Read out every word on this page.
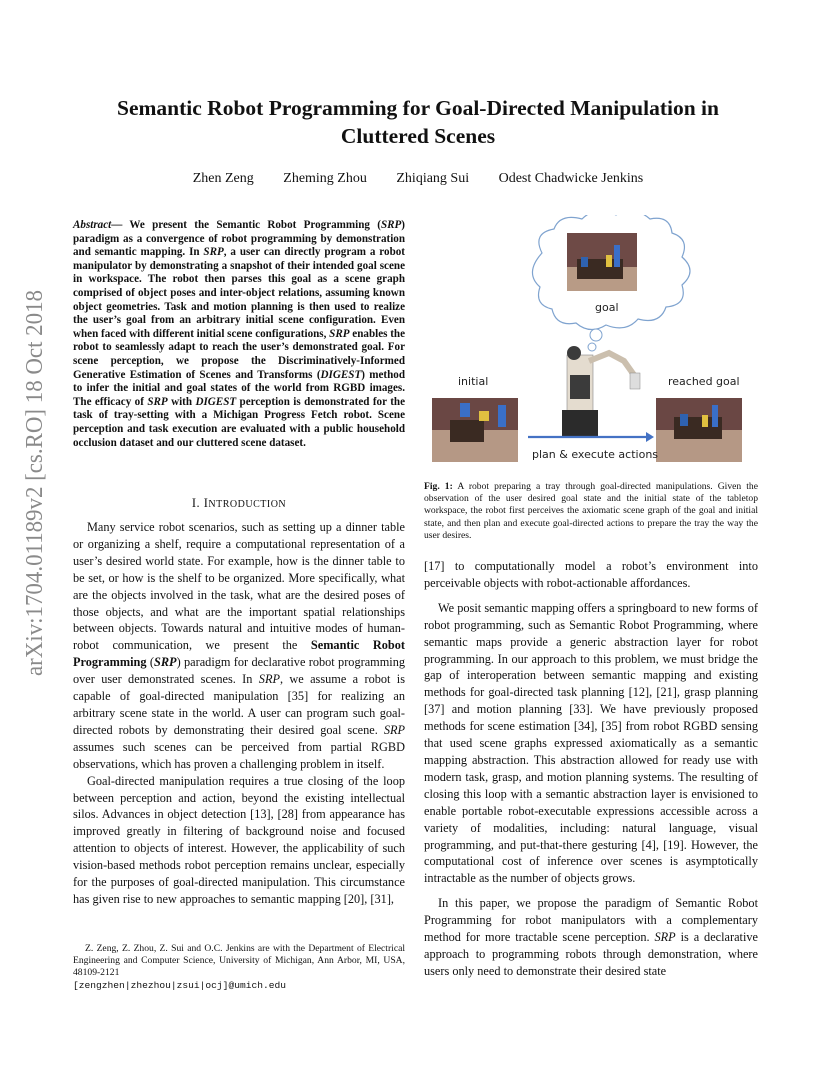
arXiv:1704.01189v2 [cs.RO] 18 Oct 2018
Semantic Robot Programming for Goal-Directed Manipulation in
Cluttered Scenes
Zhen Zeng Zheming Zhou Zhiqiang Sui Odest Chadwicke Jenkins
Abstract— We present the Semantic Robot Programming (SRP) paradigm as a convergence of robot programming by demonstration and semantic mapping. In SRP, a user can directly program a robot manipulator by demonstrating a snapshot of their intended goal scene in workspace. The robot then parses this goal as a scene graph comprised of object poses and inter-object relations, assuming known object geometries. Task and motion planning is then used to realize the user’s goal from an arbitrary initial scene configuration. Even when faced with different initial scene configurations, SRP enables the robot to seamlessly adapt to reach the user’s demonstrated goal. For scene perception, we propose the Discriminatively-Informed Generative Estimation of Scenes and Transforms (DIGEST) method to infer the initial and goal states of the world from RGBD images. The efficacy of SRP with DIGEST perception is demonstrated for the task of tray-setting with a Michigan Progress Fetch robot. Scene perception and task execution are evaluated with a public household occlusion dataset and our cluttered scene dataset.
I. INTRODUCTION

Many service robot scenarios, such as setting up a dinner table or organizing a shelf, require a computational representation of a user’s desired world state. For example, how is the dinner table to be set, or how is the shelf to be organized. More specifically, what are the objects involved in the task, what are the desired poses of those objects, and what are the important spatial relationships between objects. Towards natural and intuitive modes of human-robot communication, we present the Semantic Robot Programming (SRP) paradigm for declarative robot programming over user demonstrated scenes. In SRP, we assume a robot is capable of goal-directed manipulation [35] for realizing an arbitrary scene state in the world. A user can program such goal-directed robots by demonstrating their desired goal scene. SRP assumes such scenes can be perceived from partial RGBD observations, which has proven a challenging problem in itself.

Goal-directed manipulation requires a true closing of the loop between perception and action, beyond the existing intellectual silos. Advances in object detection [13], [28] from appearance has improved greatly in filtering of background noise and focused attention to objects of interest. However, the applicability of such vision-based methods robot perception remains unclear, especially for the purposes of goal-directed manipulation. This circumstance has given rise to new approaches to semantic mapping [20], [31],

Z. Zeng, Z. Zhou, Z. Sui and O.C. Jenkins are with the Department of Electrical Engineering and Computer Science, University of Michigan, Ann Arbor, MI, USA, 48109-2121
[zengzhen|zhezhou|zsui|ocj]@umich.edu
goal
initial	reached goal
plan & execute actions
Fig. 1: A robot preparing a tray through goal-directed manipulations. Given the observation of the user desired goal state and the initial state of the tabletop workspace, the robot first perceives the axiomatic scene graph of the goal and initial state, and then plan and execute goal-directed actions to prepare the tray the way the user desires.

[17] to computationally model a robot’s environment into perceivable objects with robot-actionable affordances.

We posit semantic mapping offers a springboard to new forms of robot programming, such as Semantic Robot Programming, where semantic maps provide a generic abstraction layer for robot programming. In our approach to this problem, we must bridge the gap of interoperation between semantic mapping and existing methods for goal-directed task planning [12], [21], grasp planning [37] and motion planning [33]. We have previously proposed methods for scene estimation [34], [35] from robot RGBD sensing that used scene graphs expressed axiomatically as a semantic mapping abstraction. This abstraction allowed for ready use with modern task, grasp, and motion planning systems. The resulting of closing this loop with a semantic abstraction layer is envisioned to enable portable robot-executable expressions accessible across a variety of modalities, including: natural language, visual programming, and put-that-there gesturing [4], [19]. However, the computational cost of inference over scenes is asymptotically intractable as the number of objects grows.

In this paper, we propose the paradigm of Semantic Robot Programming for robot manipulators with a complementary method for more tractable scene perception. SRP is a declarative approach to programming robots through demonstration, where users only need to demonstrate their desired state
